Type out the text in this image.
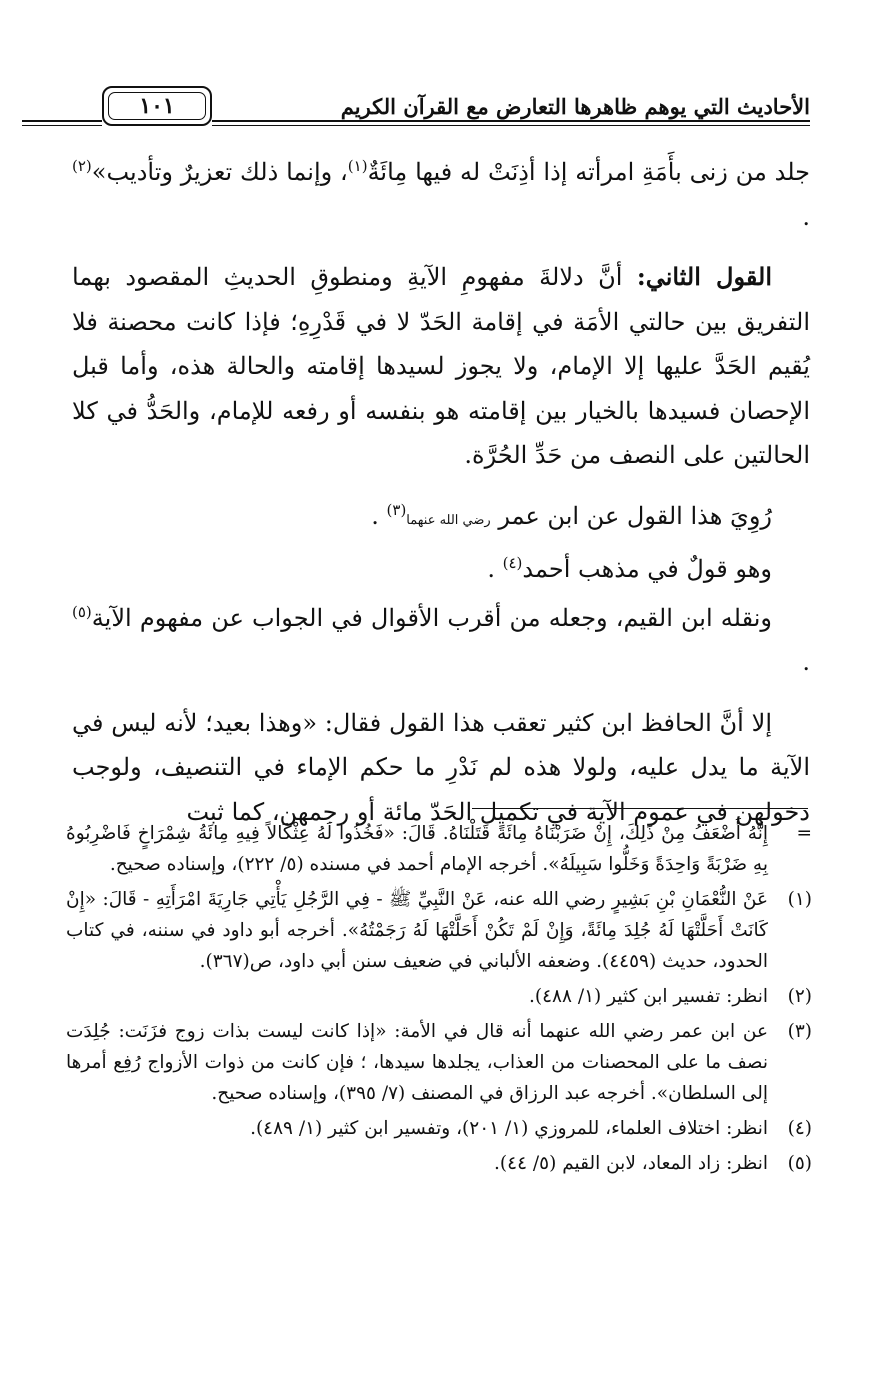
الأحاديث التي يوهم ظاهرها التعارض مع القرآن الكريم
١٠١

جلد من زنى بأَمَةِ امرأته إذا أذِنَتْ له فيها مِائَةٌ$^{(١)}$، وإنما ذلك تعزيرٌ وتأديب»$^{(٢)}$ .

القول الثاني: أنَّ دلالةَ مفهومِ الآيةِ ومنطوقِ الحديثِ المقصود بهما التفريق بين حالتي الأمَة في إقامة الحَدّ لا في قَدْرِهِ؛ فإذا كانت محصنة فلا يُقيم الحَدَّ عليها إلا الإمام، ولا يجوز لسيدها إقامته والحالة هذه، وأما قبل الإحصان فسيدها بالخيار بين إقامته هو بنفسه أو رفعه للإمام، والحَدُّ في كلا الحالتين على النصف من حَدِّ الحُرَّة.

رُوِيَ هذا القول عن ابن عمر رضي الله عنهما$^{(٣)}$ .

وهو قولٌ في مذهب أحمد$^{(٤)}$ .

ونقله ابن القيم، وجعله من أقرب الأقوال في الجواب عن مفهوم الآية$^{(٥)}$ .

إلا أنَّ الحافظ ابن كثير تعقب هذا القول فقال: «وهذا بعيد؛ لأنه ليس في الآية ما يدل عليه، ولولا هذه لم نَدْرِ ما حكم الإماء في التنصيف، ولوجب دخولهن في عموم الآية في تكميل الحَدّ مائة أو رجمهن، كما ثبت

=
إِنَّهُ أَضْعَفُ مِنْ ذَلِكَ، إِنْ ضَرَبْنَاهُ مِائَةً قَتَلْنَاهُ. قَالَ: «فَخُذُوا لَهُ عِثْكَالاً فِيهِ مِائَةُ شِمْرَاخٍ فَاضْرِبُوهُ بِهِ ضَرْبَةً وَاحِدَةً وَخَلُّوا سَبِيلَهُ». أخرجه الإمام أحمد في مسنده (٥/ ٢٢٢)، وإسناده صحيح.
(١)
عَنْ النُّعْمَانِ بْنِ بَشِيرٍ رضي الله عنه، عَنْ النَّبِيِّ ﷺ - فِي الرَّجُلِ يَأْتِي جَارِيَةَ امْرَأَتِهِ - قَالَ: «إِنْ كَانَتْ أَحَلَّتْهَا لَهُ جُلِدَ مِائَةً، وَإِنْ لَمْ تَكُنْ أَحَلَّتْهَا لَهُ رَجَمْتُهُ». أخرجه أبو داود في سننه، في كتاب الحدود، حديث (٤٤٥٩). وضعفه الألباني في ضعيف سنن أبي داود، ص(٣٦٧).
(٢)
انظر: تفسير ابن كثير (١/ ٤٨٨).
(٣)
عن ابن عمر رضي الله عنهما أنه قال في الأمة: «إذا كانت ليست بذات زوج فزَنَت: جُلِدَت نصف ما على المحصنات من العذاب، يجلدها سيدها، ؛ فإن كانت من ذوات الأزواج رُفِع أمرها إلى السلطان». أخرجه عبد الرزاق في المصنف (٧/ ٣٩٥)، وإسناده صحيح.
(٤)
انظر: اختلاف العلماء، للمروزي (١/ ٢٠١)، وتفسير ابن كثير (١/ ٤٨٩).
(٥)
انظر: زاد المعاد، لابن القيم (٥/ ٤٤).
